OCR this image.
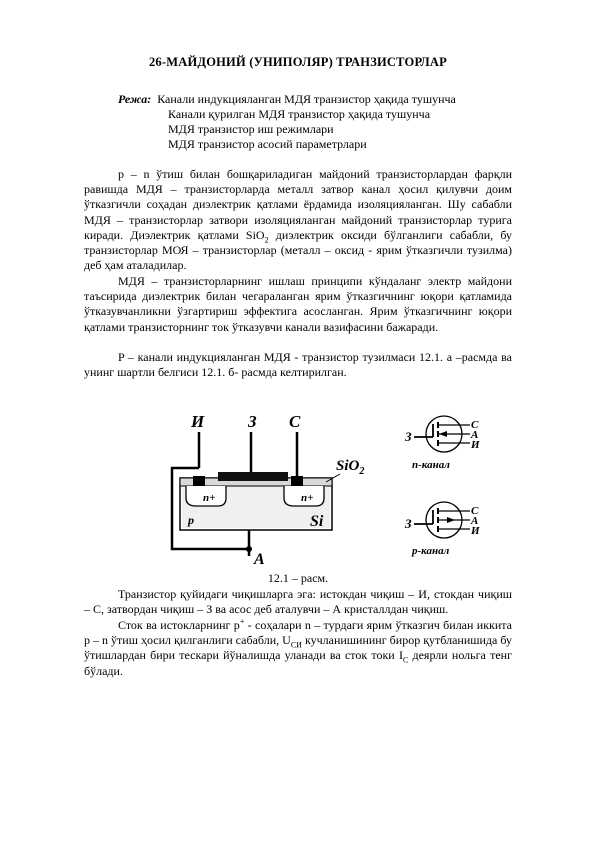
26-МАЙДОНИЙ (УНИПОЛЯР) ТРАНЗИСТОРЛАР
Режа: Канали индукцияланган МДЯ транзистор ҳақида тушунча
Канали қурилган МДЯ транзистор ҳақида тушунча
МДЯ транзистор иш режимлари
МДЯ транзистор асосий параметрлари
p – n ўтиш билан бошқариладиган майдоний транзисторлардан фарқли равишда МДЯ – транзисторларда металл затвор канал ҳосил қилувчи доим ўтказгичли соҳадан диэлектрик қатлами ёрдамида изоляцияланган. Шу сабабли МДЯ – транзисторлар затвори изоляцияланган майдоний транзисторлар турига киради. Диэлектрик қатлами SiO$_2$ диэлектрик оксиди бўлганлиги сабабли, бу транзисторлар МОЯ – транзисторлар (металл – оксид - ярим ўтказгичли тузилма) деб ҳам аталадилар.
МДЯ – транзисторларнинг ишлаш принципи кўндаланг электр майдони таъсирида диэлектрик билан чегараланган ярим ўтказгичнинг юқори қатламида ўтказувчанликни ўзгартириш эффектига асосланган. Ярим ўтказгичнинг юқори қатлами транзисторнинг ток ўтказувчи канали вазифасини бажаради.
P – канали индукцияланган МДЯ - транзистор тузилмаси 12.1. а –расмда ва унинг шартли белгиси 12.1. б- расмда келтирилган.
И	З С
n+	n+
p	Si
SiO$_2$
А
З
С
А
И
n-канал
З
С
А
И
p-канал
12.1 – расм.
Транзистор қуйидаги чиқишларга эга: истокдан чиқиш – И, стокдан чиқиш – С, затвордан чиқиш – З ва асос деб аталувчи – А кристаллдан чиқиш.
Сток ва истокларнинг p+ - соҳалари n – турдаги ярим ўтказгич билан иккита p – n ўтиш ҳосил қилганлиги сабабли, $U_{СИ}$ кучланишининг бирор қутбланишида бу ўтишлардан бири тескари йўналишда уланади ва сток токи $I_С$ деярли нольга тенг бўлади.
